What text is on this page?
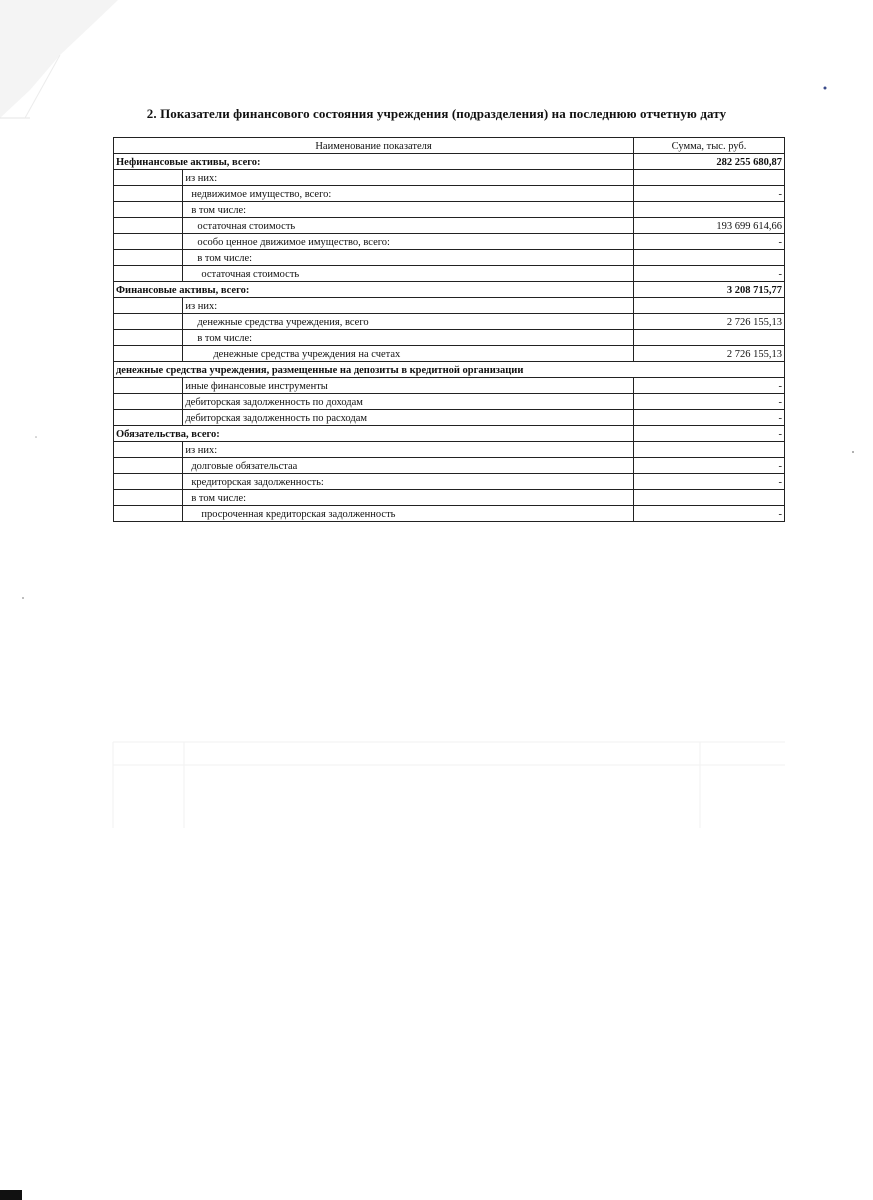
2. Показатели финансового состояния учреждения (подразделения) на последнюю отчетную дату
Наименование показателя		Сумма, тыс. руб.
Нефинансовые активы, всего:		282 255 680,87
	из них:	
	недвижимое имущество, всего:	-
	в том числе:	
	остаточная стоимость	193 699 614,66
	особо ценное движимое имущество, всего:	-
	в том числе:	
	остаточная стоимость	-
Финансовые активы, всего:		3 208 715,77
	из них:	
	денежные средства учреждения, всего	2 726 155,13
	в том числе:	
	денежные средства учреждения на счетах	2 726 155,13
денежные средства учреждения, размещенные на депозиты в кредитной организации		
	иные финансовые инструменты	-
	дебиторская задолженность по доходам	-
	дебиторская задолженность по расходам	-
Обязательства, всего:		-
	из них:	
	долговые обязательстаа	-
	кредиторская задолженность:	-
	в том числе:	
	просроченная кредиторская задолженность	-
